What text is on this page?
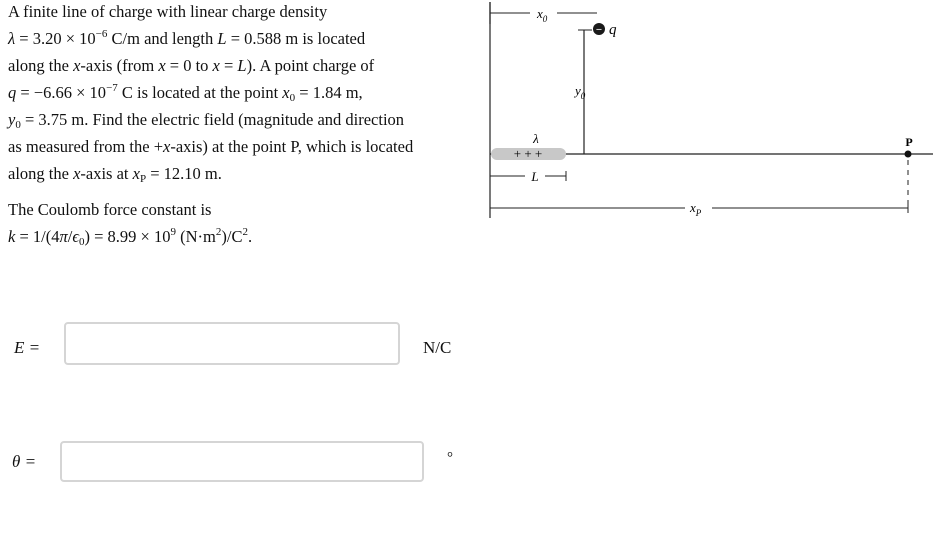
A finite line of charge with linear charge density
$\lambda = 3.20 \times 10^{-6}$ C/m and length L = 0.588 m is located
along the x-axis (from x = 0 to x = L). A point charge of
$q = -6.66 \times 10^{-7}$ C is located at the point $x_0 = 1.84$ m,
$y_0 = 3.75$ m. Find the electric field (magnitude and direction
as measured from the +x-axis) at the point P, which is located
along the x-axis at $x_P = 12.10$ m.
The Coulomb force constant is
$k = 1/(4\pi/\epsilon_0) = 8.99 \times 10^9$ $(N\cdot m^2)/C^2$.
E =	N/C
θ =	°
$x_0$
− q
$y_0$
+ + +
λ
L
P
$x_P$
